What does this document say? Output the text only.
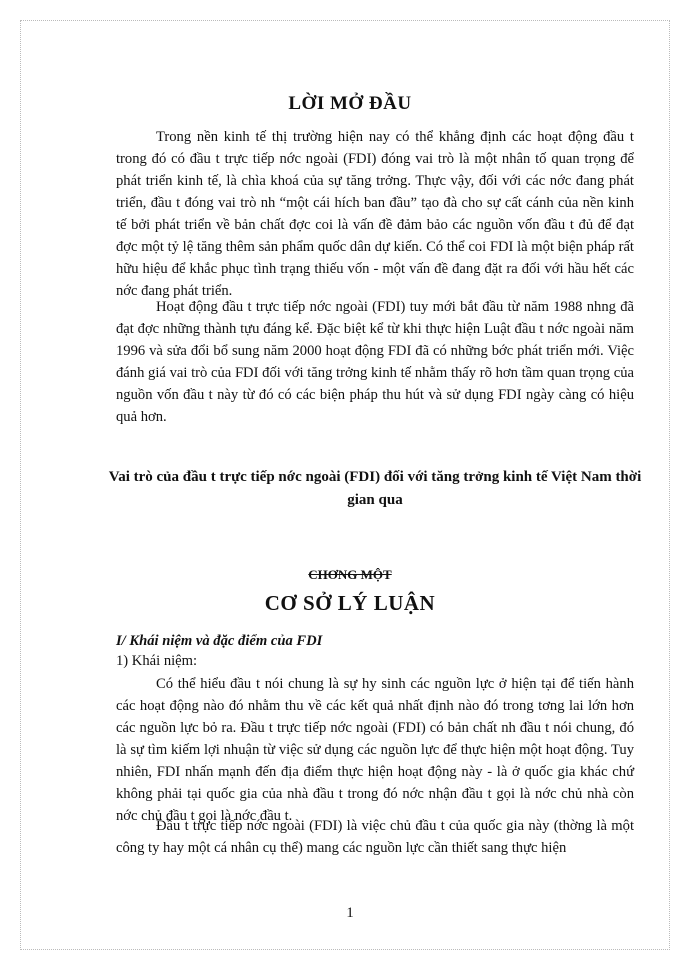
LỜI MỞ ĐẦU

Trong nền kinh tế thị trường hiện nay có thể khẳng định các hoạt động đầu t trong đó có đầu t trực tiếp nớc ngoài (FDI) đóng vai trò là một nhân tố quan trọng để phát triển kinh tế, là chìa khoá của sự tăng trởng. Thực vậy, đối với các nớc đang phát triển, đầu t đóng vai trò nh “một cái hích ban đầu” tạo đà cho sự cất cánh của nền kinh tế bởi phát triển về bản chất đợc coi là vấn đề đảm bảo các nguồn vốn đầu t đủ để đạt đợc một tỷ lệ tăng thêm sản phẩm quốc dân dự kiến. Có thể coi FDI là một biện pháp rất hữu hiệu để khắc phục tình trạng thiếu vốn - một vấn đề đang đặt ra đối với hầu hết các nớc đang phát triển.

Hoạt động đầu t trực tiếp nớc ngoài (FDI) tuy mới bắt đầu từ năm 1988 nhng đã đạt đợc những thành tựu đáng kể. Đặc biệt kể từ khi thực hiện Luật đầu t nớc ngoài năm 1996 và sửa đổi bổ sung năm 2000 hoạt động FDI đã có những bớc phát triển mới. Việc đánh giá vai trò của FDI đối với tăng trởng kinh tế nhằm thấy rõ hơn tầm quan trọng của nguồn vốn đầu t này từ đó có các biện pháp thu hút và sử dụng FDI ngày càng có hiệu quả hơn.

Vai trò của đầu t trực tiếp nớc ngoài (FDI) đối với tăng trởng kinh tế Việt Nam thời gian qua

CHƠNG MỘT

CƠ SỞ LÝ LUẬN

I/ Khái niệm và đặc điểm của FDI

1) Khái niệm:

Có thể hiểu đầu t nói chung là sự hy sinh các nguồn lực ở hiện tại để tiến hành các hoạt động nào đó nhằm thu về các kết quả nhất định nào đó trong tơng lai lớn hơn các nguồn lực bỏ ra. Đầu t trực tiếp nớc ngoài (FDI) có bản chất nh đầu t nói chung, đó là sự tìm kiếm lợi nhuận từ việc sử dụng các nguồn lực để thực hiện một hoạt động. Tuy nhiên, FDI nhấn mạnh đến địa điểm thực hiện hoạt động này - là ở quốc gia khác chứ không phải tại quốc gia của nhà đầu t trong đó nớc nhận đầu t gọi là nớc chủ nhà còn nớc chủ đầu t gọi là nớc đầu t.

Đầu t trực tiếp nớc ngoài (FDI) là việc chủ đầu t của quốc gia này (thờng là một công ty hay một cá nhân cụ thể) mang các nguồn lực cần thiết sang thực hiện

1
